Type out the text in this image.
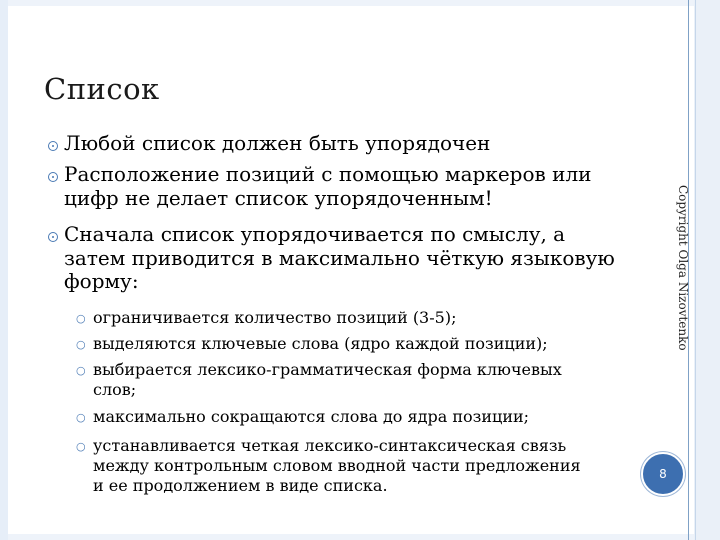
Список
Любой список должен быть упорядочен
Расположение позиций с помощью маркеров или
цифр не делает список упорядоченным!
Сначала список упорядочивается по смыслу, а
затем приводится в максимально чёткую языковую
форму:
○ ограничивается количество позиций (3-5);
○ выделяются ключевые слова (ядро каждой позиции);
○ выбирается лексико-грамматическая форма ключевых
слов;
○ максимально сокращаются слова до ядра позиции;
○ устанавливается четкая лексико-синтаксическая связь
между контрольным словом вводной части предложения
и ее продолжением в виде списка.
Copyright Olga Nizovtenko
8
